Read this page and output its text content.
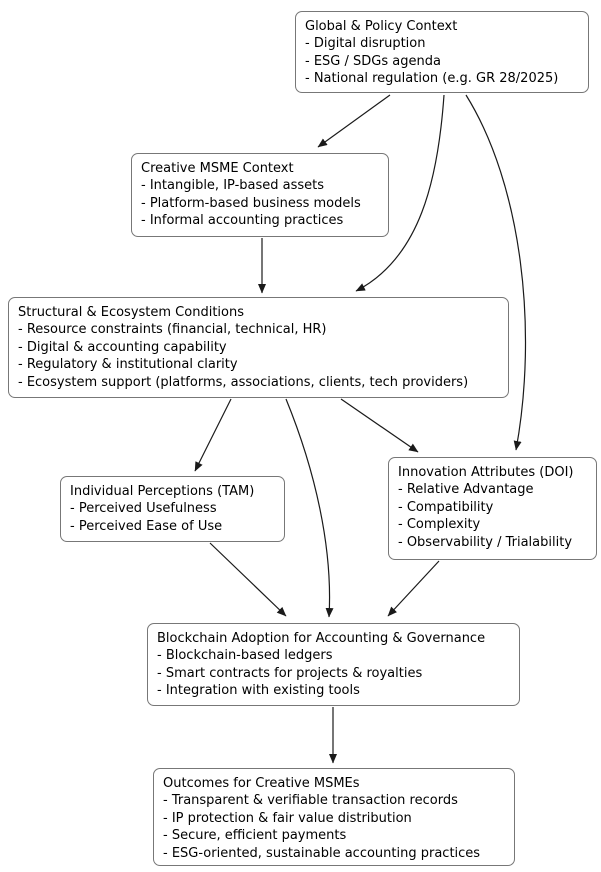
Global & Policy Context
- Digital disruption
- ESG / SDGs agenda
- National regulation (e.g. GR 28/2025)
Creative MSME Context
- Intangible, IP-based assets
- Platform-based business models
- Informal accounting practices
Structural & Ecosystem Conditions
- Resource constraints (financial, technical, HR)
- Digital & accounting capability
- Regulatory & institutional clarity
- Ecosystem support (platforms, associations, clients, tech providers)
Individual Perceptions (TAM)
- Perceived Usefulness
- Perceived Ease of Use
Innovation Attributes (DOI)
- Relative Advantage
- Compatibility
- Complexity
- Observability / Trialability
Blockchain Adoption for Accounting & Governance
- Blockchain-based ledgers
- Smart contracts for projects & royalties
- Integration with existing tools
Outcomes for Creative MSMEs
- Transparent & verifiable transaction records
- IP protection & fair value distribution
- Secure, efficient payments
- ESG-oriented, sustainable accounting practices
